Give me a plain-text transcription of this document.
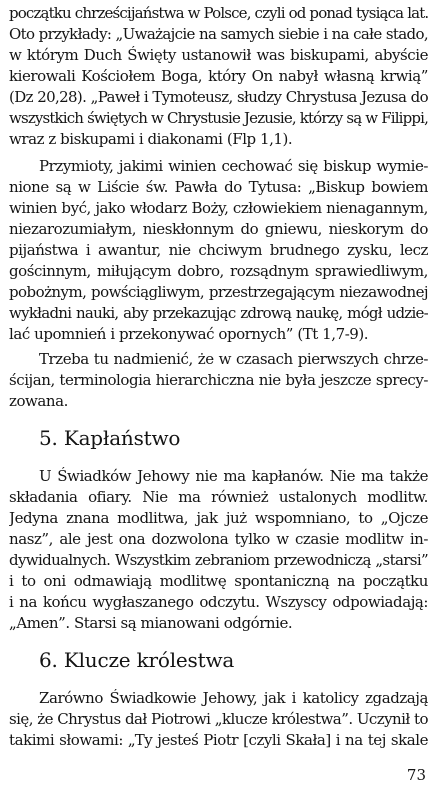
początku chrześcijaństwa w Polsce, czyli od ponad tysiąca lat.
Oto przykłady: „Uważajcie na samych siebie i na całe stado,
w którym Duch Święty ustanowił was biskupami, abyście
kierowali Kościołem Boga, który On nabył własną krwią”
(Dz 20,28). „Paweł i Tymoteusz, słudzy Chrystusa Jezusa do
wszystkich świętych w Chrystusie Jezusie, którzy są w Filippi,
wraz z biskupami i diakonami (Flp 1,1).
Przymioty, jakimi winien cechować się biskup wymie-
nione są w Liście św. Pawła do Tytusa: „Biskup bowiem
winien być, jako włodarz Boży, człowiekiem nienagannym,
niezarozumiałym, nieskłonnym do gniewu, nieskorym do
pijaństwa i awantur, nie chciwym brudnego zysku, lecz
gościnnym, miłującym dobro, rozsądnym sprawiedliwym,
pobożnym, powściągliwym, przestrzegającym niezawodnej
wykładni nauki, aby przekazując zdrową naukę, mógł udzie-
lać upomnień i przekonywać opornych” (Tt 1,7-9).
Trzeba tu nadmienić, że w czasach pierwszych chrze-
ścijan, terminologia hierarchiczna nie była jeszcze sprecy-
zowana.
5. Kapłaństwo
U Świadków Jehowy nie ma kapłanów. Nie ma także
składania ofiary. Nie ma również ustalonych modlitw.
Jedyna znana modlitwa, jak już wspomniano, to „Ojcze
nasz”, ale jest ona dozwolona tylko w czasie modlitw in-
dywidualnych. Wszystkim zebraniom przewodniczą „starsi”
i to oni odmawiają modlitwę spontaniczną na początku
i na końcu wygłaszanego odczytu. Wszyscy odpowiadają:
„Amen”. Starsi są mianowani odgórnie.
6. Klucze królestwa
Zarówno Świadkowie Jehowy, jak i katolicy zgadzają
się, że Chrystus dał Piotrowi „klucze królestwa”. Uczynił to
takimi słowami: „Ty jesteś Piotr [czyli Skała] i na tej skale
73
